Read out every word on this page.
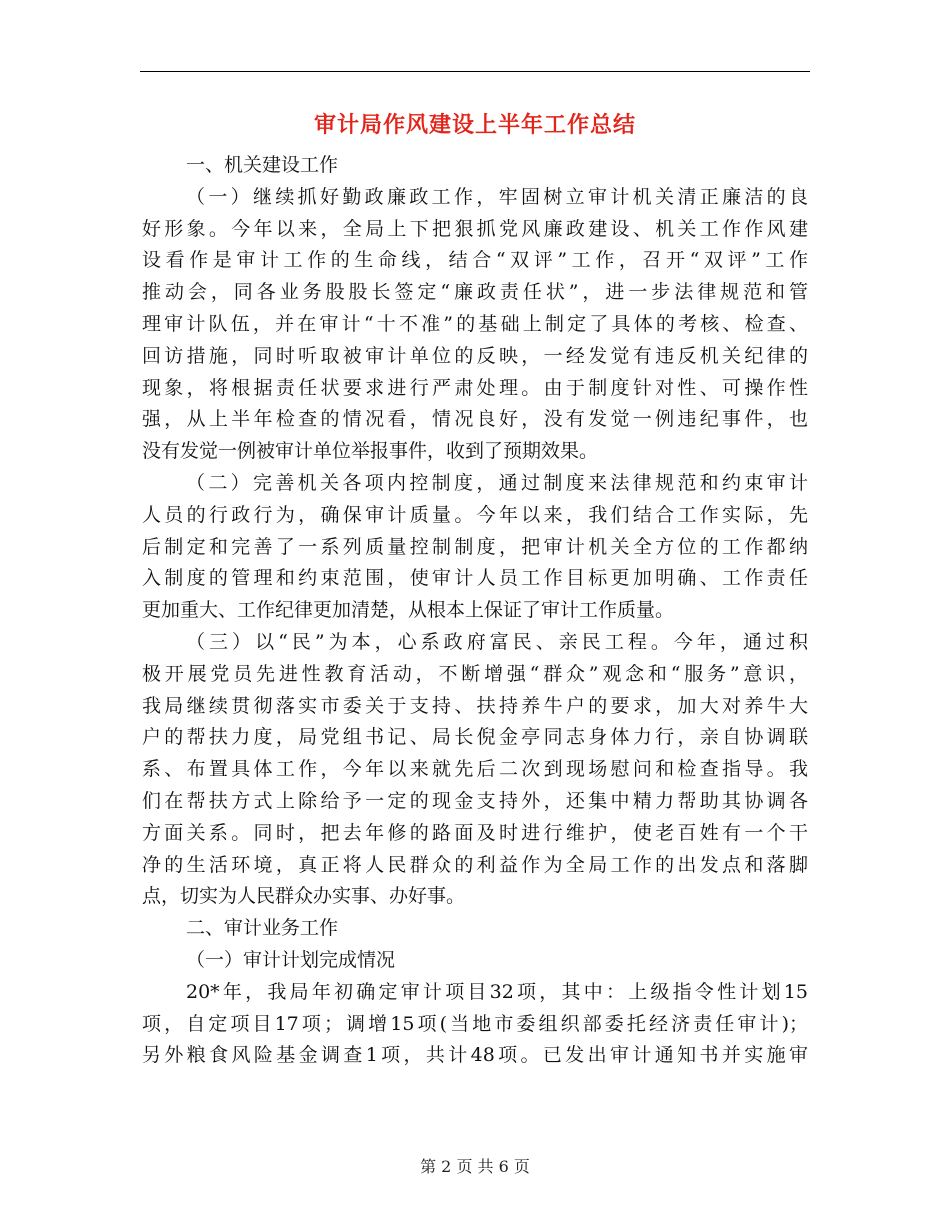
审计局作风建设上半年工作总结
一、机关建设工作
（一）继续抓好勤政廉政工作，牢固树立审计机关清正廉洁的良
好形象。今年以来，全局上下把狠抓党风廉政建设、机关工作作风建
设看作是审计工作的生命线，结合“双评”工作，召开“双评”工作
推动会，同各业务股股长签定“廉政责任状”，进一步法律规范和管
理审计队伍，并在审计“十不准”的基础上制定了具体的考核、检查、
回访措施，同时听取被审计单位的反映，一经发觉有违反机关纪律的
现象，将根据责任状要求进行严肃处理。由于制度针对性、可操作性
强，从上半年检查的情况看，情况良好，没有发觉一例违纪事件，也
没有发觉一例被审计单位举报事件，收到了预期效果。
（二）完善机关各项内控制度，通过制度来法律规范和约束审计
人员的行政行为，确保审计质量。今年以来，我们结合工作实际，先
后制定和完善了一系列质量控制制度，把审计机关全方位的工作都纳
入制度的管理和约束范围，使审计人员工作目标更加明确、工作责任
更加重大、工作纪律更加清楚，从根本上保证了审计工作质量。
（三）以“民”为本，心系政府富民、亲民工程。今年，通过积
极开展党员先进性教育活动，不断增强“群众”观念和“服务”意识，
我局继续贯彻落实市委关于支持、扶持养牛户的要求，加大对养牛大
户的帮扶力度，局党组书记、局长倪金亭同志身体力行，亲自协调联
系、布置具体工作，今年以来就先后二次到现场慰问和检查指导。我
们在帮扶方式上除给予一定的现金支持外，还集中精力帮助其协调各
方面关系。同时，把去年修的路面及时进行维护，使老百姓有一个干
净的生活环境，真正将人民群众的利益作为全局工作的出发点和落脚
点，切实为人民群众办实事、办好事。
二、审计业务工作
（一）审计计划完成情况
20*年，我局年初确定审计项目32项，其中：上级指令性计划15
项，自定项目17项；调增15项(当地市委组织部委托经济责任审计)；
另外粮食风险基金调查1项，共计48项。已发出审计通知书并实施审
第 2 页 共 6 页
